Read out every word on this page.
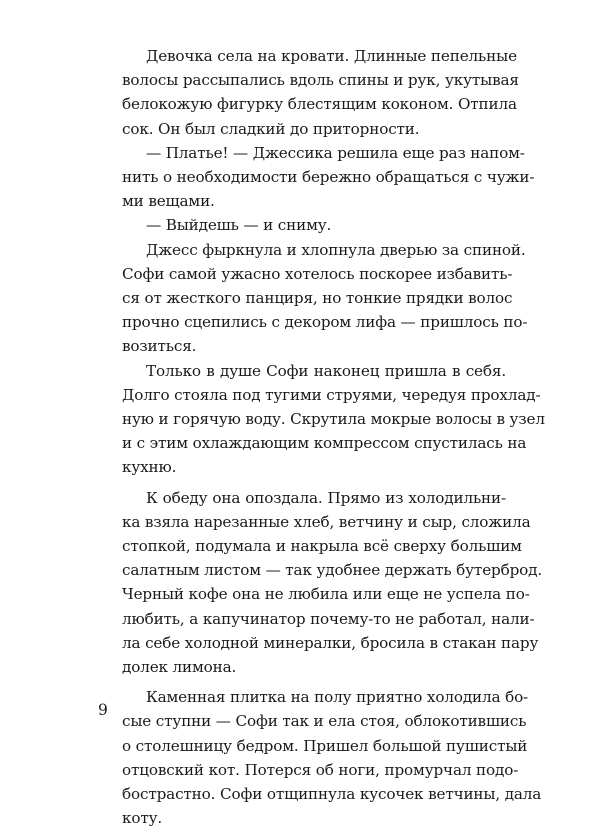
Девочка села на кровати. Длинные пепельные
волосы рассыпались вдоль спины и рук, укутывая
белокожую фигурку блестящим коконом. Отпила
сок. Он был сладкий до приторности.
— Платье! — Джессика решила еще раз напом-
нить о необходимости бережно обращаться с чужи-
ми вещами.
— Выйдешь — и сниму.
Джесс фыркнула и хлопнула дверью за спиной.
Софи самой ужасно хотелось поскорее избавить-
ся от жесткого панциря, но тонкие прядки волос
прочно сцепились с декором лифа — пришлось по-
возиться.
Только в душе Софи наконец пришла в себя.
Долго стояла под тугими струями, чередуя прохлад-
ную и горячую воду. Скрутила мокрые волосы в узел
и с этим охлаждающим компрессом спустилась на
кухню.
К обеду она опоздала. Прямо из холодильни-
ка взяла нарезанные хлеб, ветчину и сыр, сложила
стопкой, подумала и накрыла всё сверху большим
салатным листом — так удобнее держать бутерброд.
Черный кофе она не любила или еще не успела по-
любить, а капучинатор почему-то не работал, нали-
ла себе холодной минералки, бросила в стакан пару
долек лимона.
Каменная плитка на полу приятно холодила бо-
сые ступни — Софи так и ела стоя, облокотившись
о столешницу бедром. Пришел большой пушистый
отцовский кот. Потерся об ноги, промурчал подо-
бострастно. Софи отщипнула кусочек ветчины, дала
коту.
9
